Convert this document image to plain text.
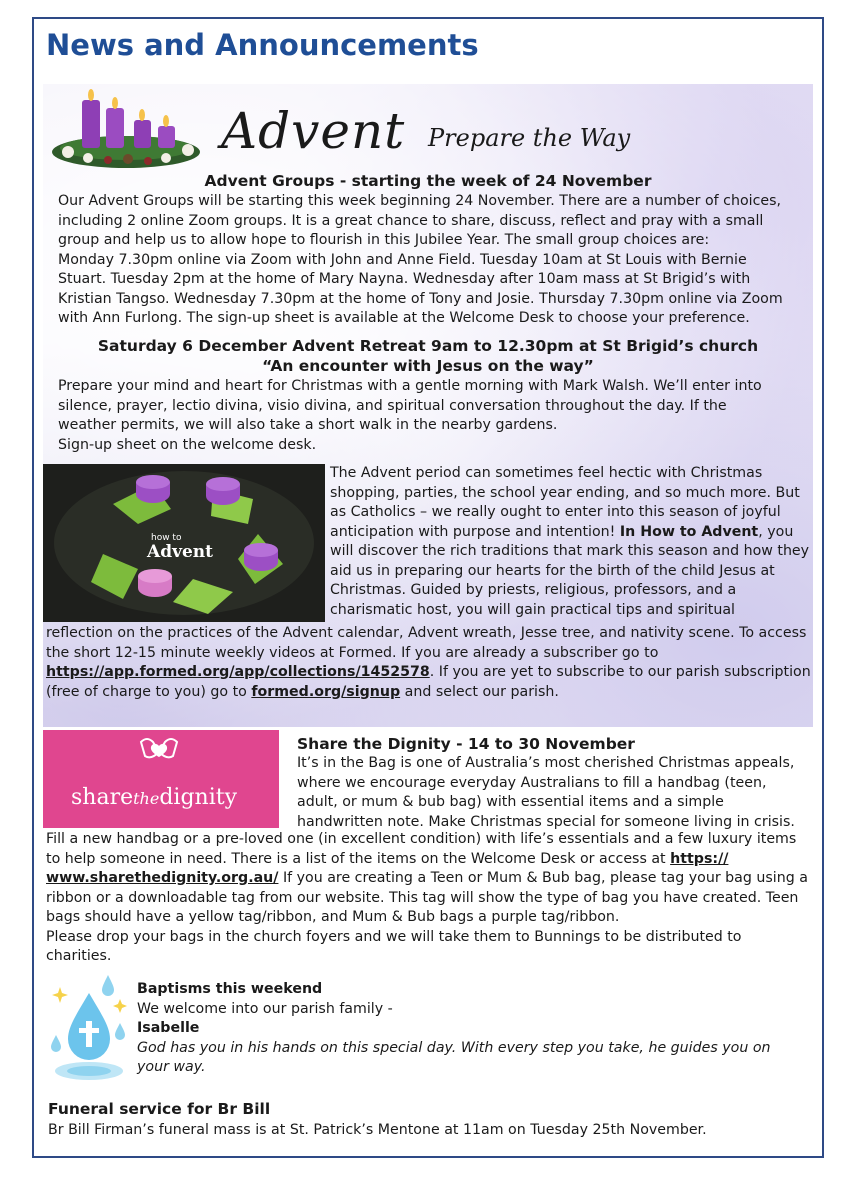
News and Announcements
Advent Prepare the Way
Advent Groups - starting the week of 24 November
Our Advent Groups will be starting this week beginning 24 November. There are a number of choices,
including 2 online Zoom groups. It is a great chance to share, discuss, reflect and pray with a small
group and help us to allow hope to flourish in this Jubilee Year. The small group choices are:
Monday 7.30pm online via Zoom with John and Anne Field. Tuesday 10am at St Louis with Bernie
Stuart. Tuesday 2pm at the home of Mary Nayna. Wednesday after 10am mass at St Brigid’s with
Kristian Tangso. Wednesday 7.30pm at the home of Tony and Josie. Thursday 7.30pm online via Zoom
with Ann Furlong. The sign-up sheet is available at the Welcome Desk to choose your preference.
Saturday 6 December Advent Retreat 9am to 12.30pm at St Brigid’s church
“An encounter with Jesus on the way”
Prepare your mind and heart for Christmas with a gentle morning with Mark Walsh. We’ll enter into
silence, prayer, lectio divina, visio divina, and spiritual conversation throughout the day. If the
weather permits, we will also take a short walk in the nearby gardens.
Sign-up sheet on the welcome desk.
how to
Advent
The Advent period can sometimes feel hectic with Christmas
shopping, parties, the school year ending, and so much more. But
as Catholics – we really ought to enter into this season of joyful
anticipation with purpose and intention! In How to Advent, you
will discover the rich traditions that mark this season and how they
aid us in preparing our hearts for the birth of the child Jesus at
Christmas. Guided by priests, religious, professors, and a
charismatic host, you will gain practical tips and spiritual
reflection on the practices of the Advent calendar, Advent wreath, Jesse tree, and nativity scene. To access
the short 12-15 minute weekly videos at Formed. If you are already a subscriber go to
https://app.formed.org/app/collections/1452578. If you are yet to subscribe to our parish subscription
(free of charge to you) go to formed.org/signup and select our parish.
sharethedignity
Share the Dignity - 14 to 30 November
It’s in the Bag is one of Australia’s most cherished Christmas appeals,
where we encourage everyday Australians to fill a handbag (teen,
adult, or mum & bub bag) with essential items and a simple
handwritten note. Make Christmas special for someone living in crisis.
Fill a new handbag or a pre-loved one (in excellent condition) with life’s essentials and a few luxury items
to help someone in need. There is a list of the items on the Welcome Desk or access at https://
www.sharethedignity.org.au/ If you are creating a Teen or Mum & Bub bag, please tag your bag using a
ribbon or a downloadable tag from our website. This tag will show the type of bag you have created. Teen
bags should have a yellow tag/ribbon, and Mum & Bub bags a purple tag/ribbon.
Please drop your bags in the church foyers and we will take them to Bunnings to be distributed to
charities.
Baptisms this weekend
We welcome into our parish family -
Isabelle
God has you in his hands on this special day. With every step you take, he guides you on
your way.
Funeral service for Br Bill
Br Bill Firman’s funeral mass is at St. Patrick’s Mentone at 11am on Tuesday 25th November.
